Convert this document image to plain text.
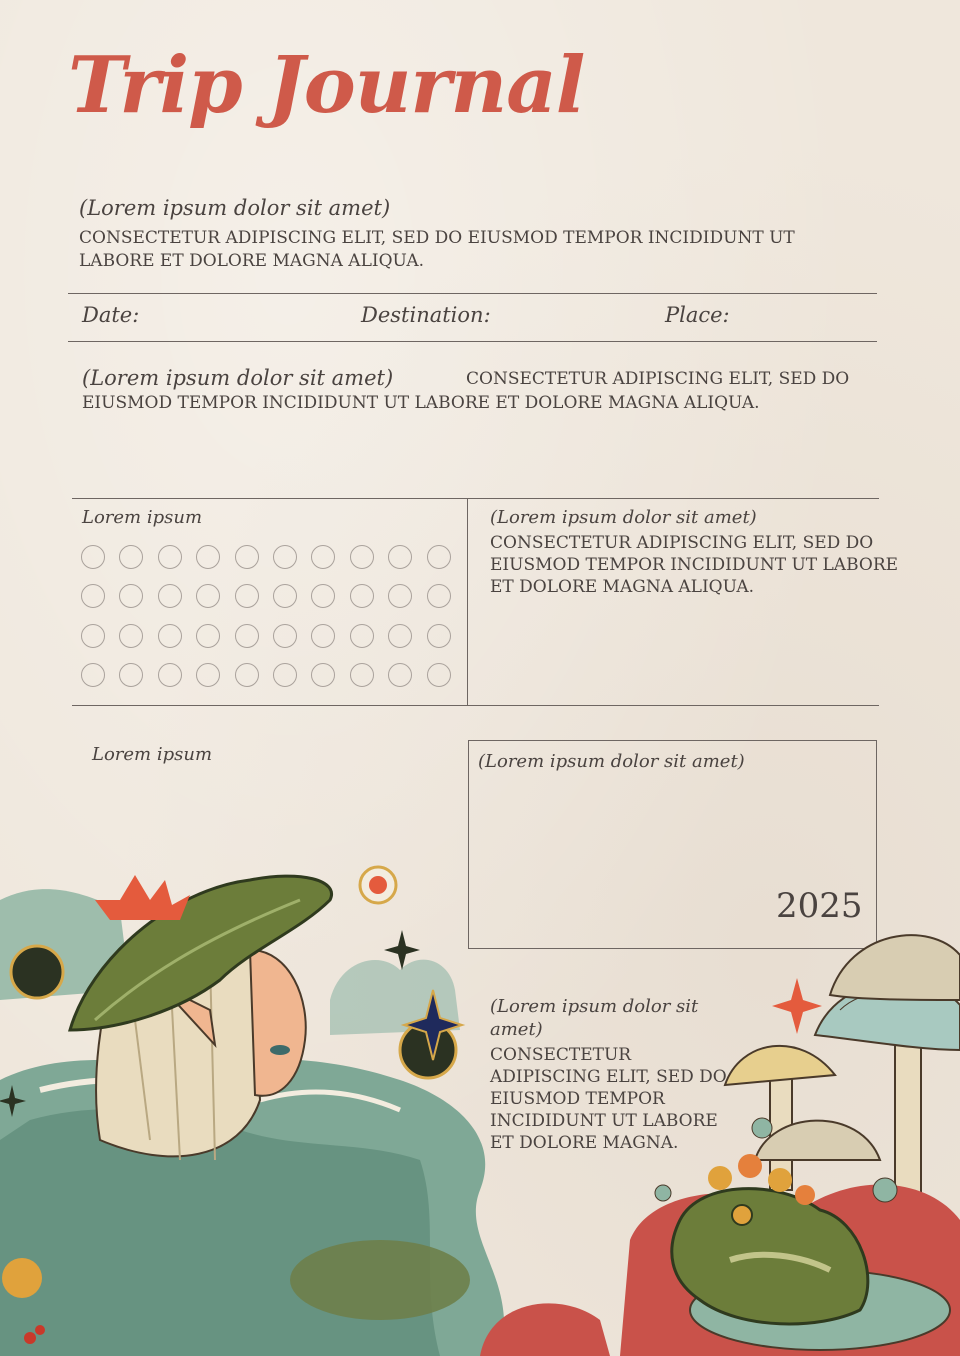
Trip Journal
(Lorem ipsum dolor sit amet)
CONSECTETUR ADIPISCING ELIT, SED DO EIUSMOD TEMPOR INCIDIDUNT UT
LABORE ET DOLORE MAGNA ALIQUA.
Date:	Destination:	Place:
(Lorem ipsum dolor sit amet)	CONSECTETUR ADIPISCING ELIT, SED DO
EIUSMOD TEMPOR INCIDIDUNT UT LABORE ET DOLORE MAGNA ALIQUA.
Lorem ipsum	(Lorem ipsum dolor sit amet)
CONSECTETUR ADIPISCING ELIT, SED DO
EIUSMOD TEMPOR INCIDIDUNT UT LABORE
ET DOLORE MAGNA ALIQUA.
Lorem ipsum	(Lorem ipsum dolor sit amet)
2025
(Lorem ipsum dolor sit
amet)
CONSECTETUR
ADIPISCING ELIT, SED DO
EIUSMOD TEMPOR
INCIDIDUNT UT LABORE
ET DOLORE MAGNA.
